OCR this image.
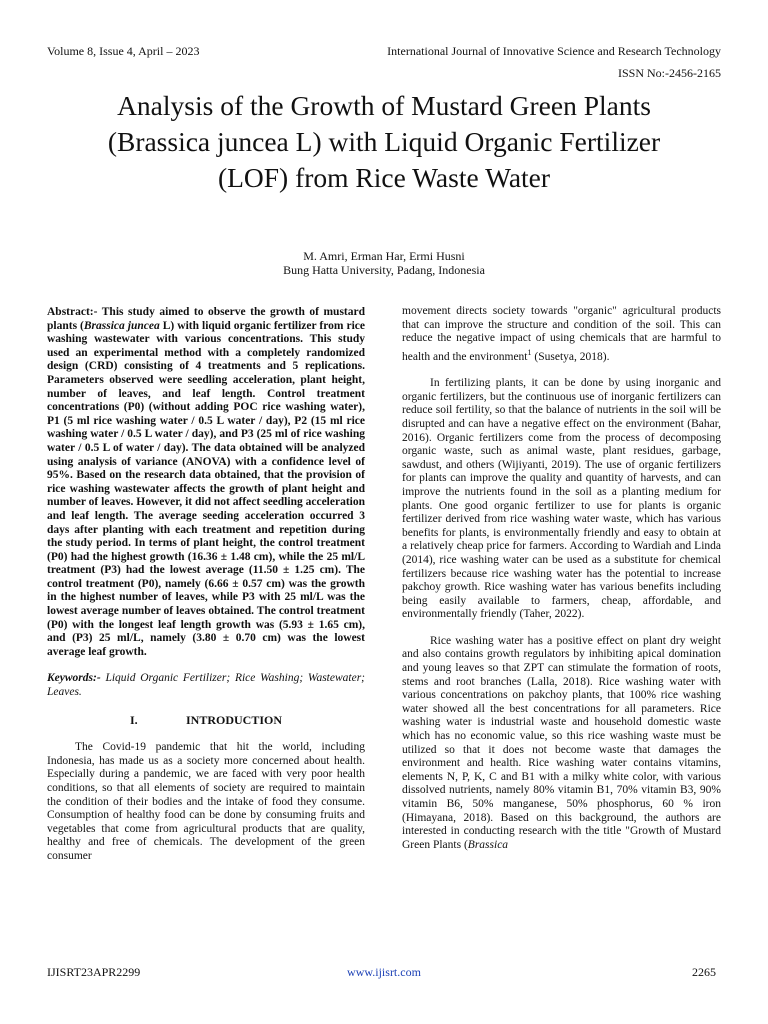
Volume 8, Issue 4, April – 2023	International Journal of Innovative Science and Research Technology
ISSN No:-2456-2165
Analysis of the Growth of Mustard Green Plants (Brassica juncea L) with Liquid Organic Fertilizer (LOF) from Rice Waste Water
M. Amri, Erman Har, Ermi Husni
Bung Hatta University, Padang, Indonesia

Abstract:- This study aimed to observe the growth of mustard plants (Brassica juncea L) with liquid organic fertilizer from rice washing wastewater with various concentrations. This study used an experimental method with a completely randomized design (CRD) consisting of 4 treatments and 5 replications. Parameters observed were seedling acceleration, plant height, number of leaves, and leaf length. Control treatment concentrations (P0) (without adding POC rice washing water), P1 (5 ml rice washing water / 0.5 L water / day), P2 (15 ml rice washing water / 0.5 L water / day), and P3 (25 ml of rice washing water / 0.5 L of water / day). The data obtained will be analyzed using analysis of variance (ANOVA) with a confidence level of 95%. Based on the research data obtained, that the provision of rice washing wastewater affects the growth of plant height and number of leaves. However, it did not affect seedling acceleration and leaf length. The average seeding acceleration occurred 3 days after planting with each treatment and repetition during the study period. In terms of plant height, the control treatment (P0) had the highest growth (16.36 ± 1.48 cm), while the 25 ml/L treatment (P3) had the lowest average (11.50 ± 1.25 cm). The control treatment (P0), namely (6.66 ± 0.57 cm) was the growth in the highest number of leaves, while P3 with 25 ml/L was the lowest average number of leaves obtained. The control treatment (P0) with the longest leaf length growth was (5.93 ± 1.65 cm), and (P3) 25 ml/L, namely (3.80 ± 0.70 cm) was the lowest average leaf growth.

Keywords:- Liquid Organic Fertilizer; Rice Washing; Wastewater; Leaves.

I.	INTRODUCTION

The Covid-19 pandemic that hit the world, including Indonesia, has made us as a society more concerned about health. Especially during a pandemic, we are faced with very poor health conditions, so that all elements of society are required to maintain the condition of their bodies and the intake of food they consume. Consumption of healthy food can be done by consuming fruits and vegetables that come from agricultural products that are quality, healthy and free of chemicals. The development of the green consumer

movement directs society towards "organic" agricultural products that can improve the structure and condition of the soil. This can reduce the negative impact of using chemicals that are harmful to health and the environment$^1$ (Susetya, 2018).

In fertilizing plants, it can be done by using inorganic and organic fertilizers, but the continuous use of inorganic fertilizers can reduce soil fertility, so that the balance of nutrients in the soil will be disrupted and can have a negative effect on the environment (Bahar, 2016). Organic fertilizers come from the process of decomposing organic waste, such as animal waste, plant residues, garbage, sawdust, and others (Wijiyanti, 2019). The use of organic fertilizers for plants can improve the quality and quantity of harvests, and can improve the nutrients found in the soil as a planting medium for plants. One good organic fertilizer to use for plants is organic fertilizer derived from rice washing water waste, which has various benefits for plants, is environmentally friendly and easy to obtain at a relatively cheap price for farmers. According to Wardiah and Linda (2014), rice washing water can be used as a substitute for chemical fertilizers because rice washing water has the potential to increase pakchoy growth. Rice washing water has various benefits including being easily available to farmers, cheap, affordable, and environmentally friendly (Taher, 2022).

Rice washing water has a positive effect on plant dry weight and also contains growth regulators by inhibiting apical domination and young leaves so that ZPT can stimulate the formation of roots, stems and root branches (Lalla, 2018). Rice washing water with various concentrations on pakchoy plants, that 100% rice washing water showed all the best concentrations for all parameters. Rice washing water is industrial waste and household domestic waste which has no economic value, so this rice washing waste must be utilized so that it does not become waste that damages the environment and health. Rice washing water contains vitamins, elements N, P, K, C and B1 with a milky white color, with various dissolved nutrients, namely 80% vitamin B1, 70% vitamin B3, 90% vitamin B6, 50% manganese, 50% phosphorus, 60 % iron (Himayana, 2018). Based on this background, the authors are interested in conducting research with the title "Growth of Mustard Green Plants (Brassica

IJISRT23APR2299	www.ijisrt.com	2265
